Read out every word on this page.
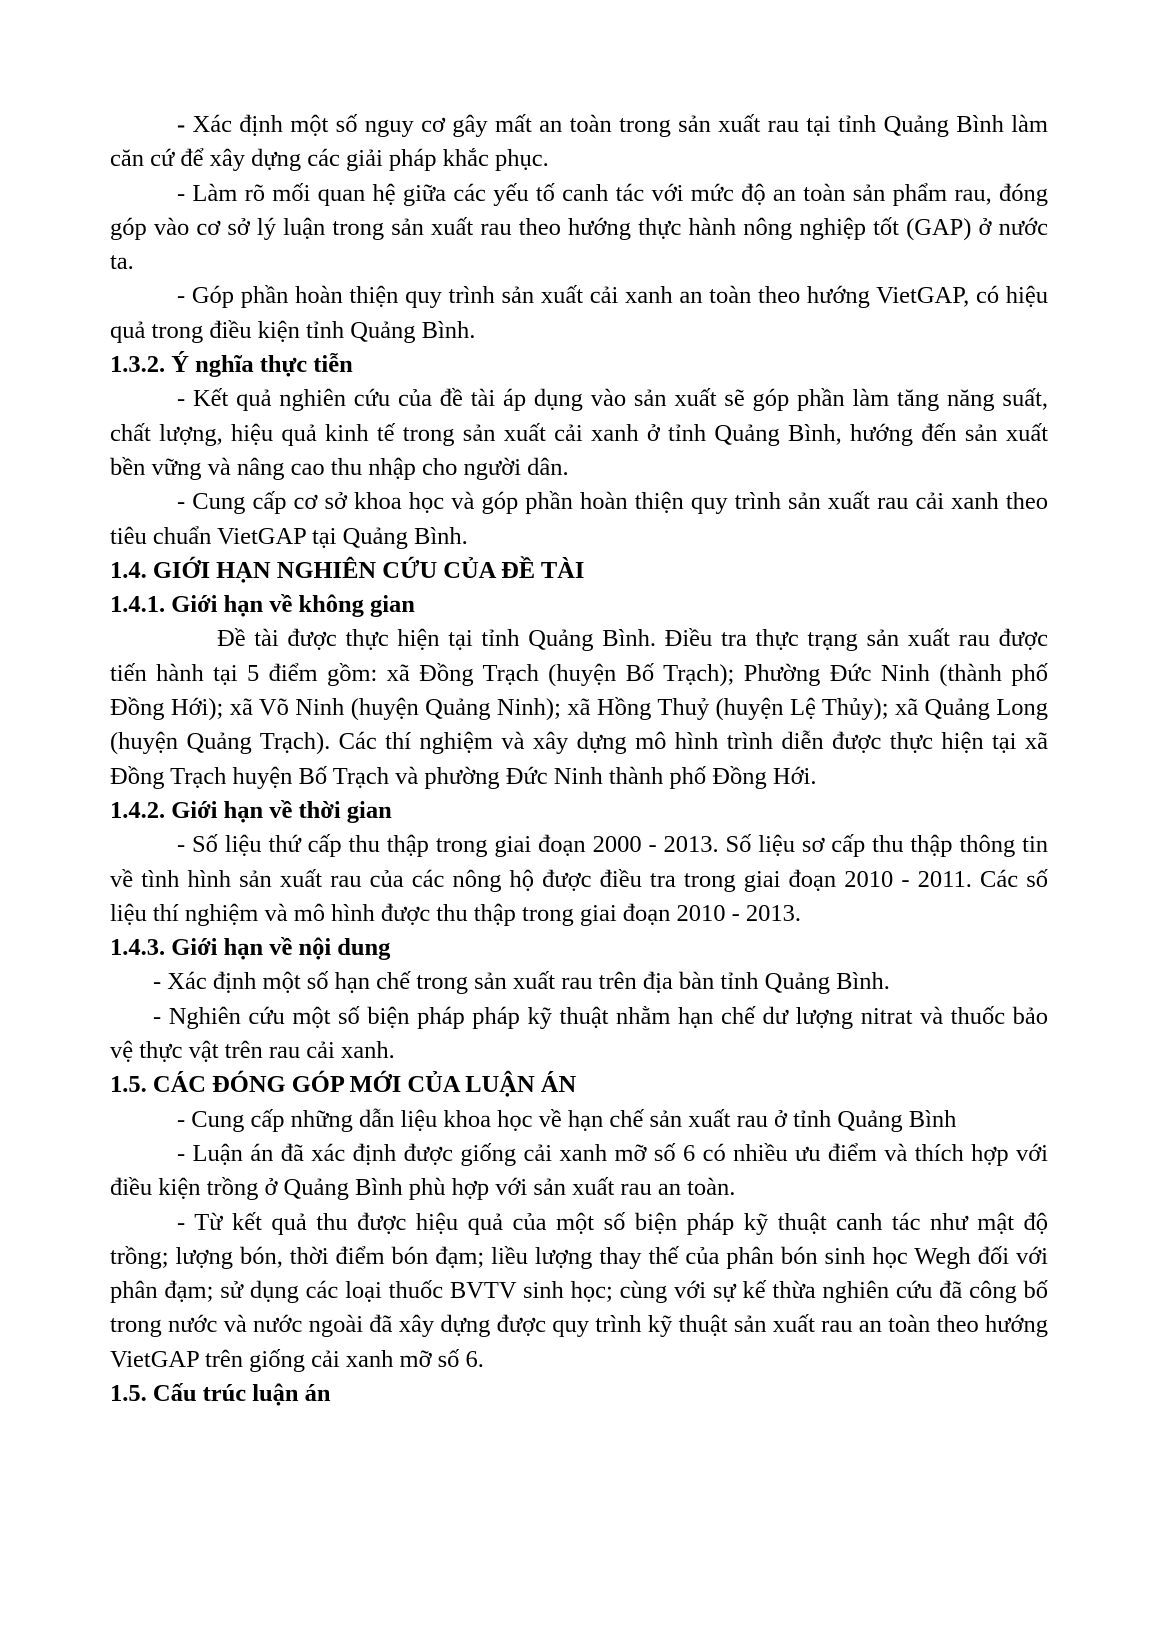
- Xác định một số nguy cơ gây mất an toàn trong sản xuất rau tại tỉnh Quảng Bình làm căn cứ để xây dựng các giải pháp khắc phục.

- Làm rõ mối quan hệ giữa các yếu tố canh tác với mức độ an toàn sản phẩm rau, đóng góp vào cơ sở lý luận trong sản xuất rau theo hướng thực hành nông nghiệp tốt (GAP) ở nước ta.

- Góp phần hoàn thiện quy trình sản xuất cải xanh an toàn theo hướng VietGAP, có hiệu quả trong điều kiện tỉnh Quảng Bình.

1.3.2. Ý nghĩa thực tiễn

- Kết quả nghiên cứu của đề tài áp dụng vào sản xuất sẽ góp phần làm tăng năng suất, chất lượng, hiệu quả kinh tế trong sản xuất cải xanh ở tỉnh Quảng Bình, hướng đến sản xuất bền vững và nâng cao thu nhập cho người dân.

- Cung cấp cơ sở khoa học và góp phần hoàn thiện quy trình sản xuất rau cải xanh theo tiêu chuẩn VietGAP tại Quảng Bình.

1.4. GIỚI HẠN NGHIÊN CỨU CỦA ĐỀ TÀI
1.4.1. Giới hạn về không gian

Đề tài được thực hiện tại tỉnh Quảng Bình. Điều tra thực trạng sản xuất rau được tiến hành tại 5 điểm gồm: xã Đồng Trạch (huyện Bố Trạch); Phường Đức Ninh (thành phố Đồng Hới); xã Võ Ninh (huyện Quảng Ninh); xã Hồng Thuỷ (huyện Lệ Thủy); xã Quảng Long (huyện Quảng Trạch). Các thí nghiệm và xây dựng mô hình trình diễn được thực hiện tại xã Đồng Trạch huyện Bố Trạch và phường Đức Ninh thành phố Đồng Hới.

1.4.2. Giới hạn về thời gian

- Số liệu thứ cấp thu thập trong giai đoạn 2000 - 2013. Số liệu sơ cấp thu thập thông tin về tình hình sản xuất rau của các nông hộ được điều tra trong giai đoạn 2010 - 2011. Các số liệu thí nghiệm và mô hình được thu thập trong giai đoạn 2010 - 2013.

1.4.3. Giới hạn về nội dung

- Xác định một số hạn chế trong sản xuất rau trên địa bàn tỉnh Quảng Bình.

- Nghiên cứu một số biện pháp pháp kỹ thuật nhằm hạn chế dư lượng nitrat và thuốc bảo vệ thực vật trên rau cải xanh.

1.5. CÁC ĐÓNG GÓP MỚI CỦA LUẬN ÁN

- Cung cấp những dẫn liệu khoa học về hạn chế sản xuất rau ở tỉnh Quảng Bình

- Luận án đã xác định được giống cải xanh mỡ số 6 có nhiều ưu điểm và thích hợp với điều kiện trồng ở Quảng Bình phù hợp với sản xuất rau an toàn.

- Từ kết quả thu được hiệu quả của một số biện pháp kỹ thuật canh tác như mật độ trồng; lượng bón, thời điểm bón đạm; liều lượng thay thế của phân bón sinh học Wegh đối với phân đạm; sử dụng các loại thuốc BVTV sinh học; cùng với sự kế thừa nghiên cứu đã công bố trong nước và nước ngoài đã xây dựng được quy trình kỹ thuật sản xuất rau an toàn theo hướng VietGAP trên giống cải xanh mỡ số 6.

1.5. Cấu trúc luận án
